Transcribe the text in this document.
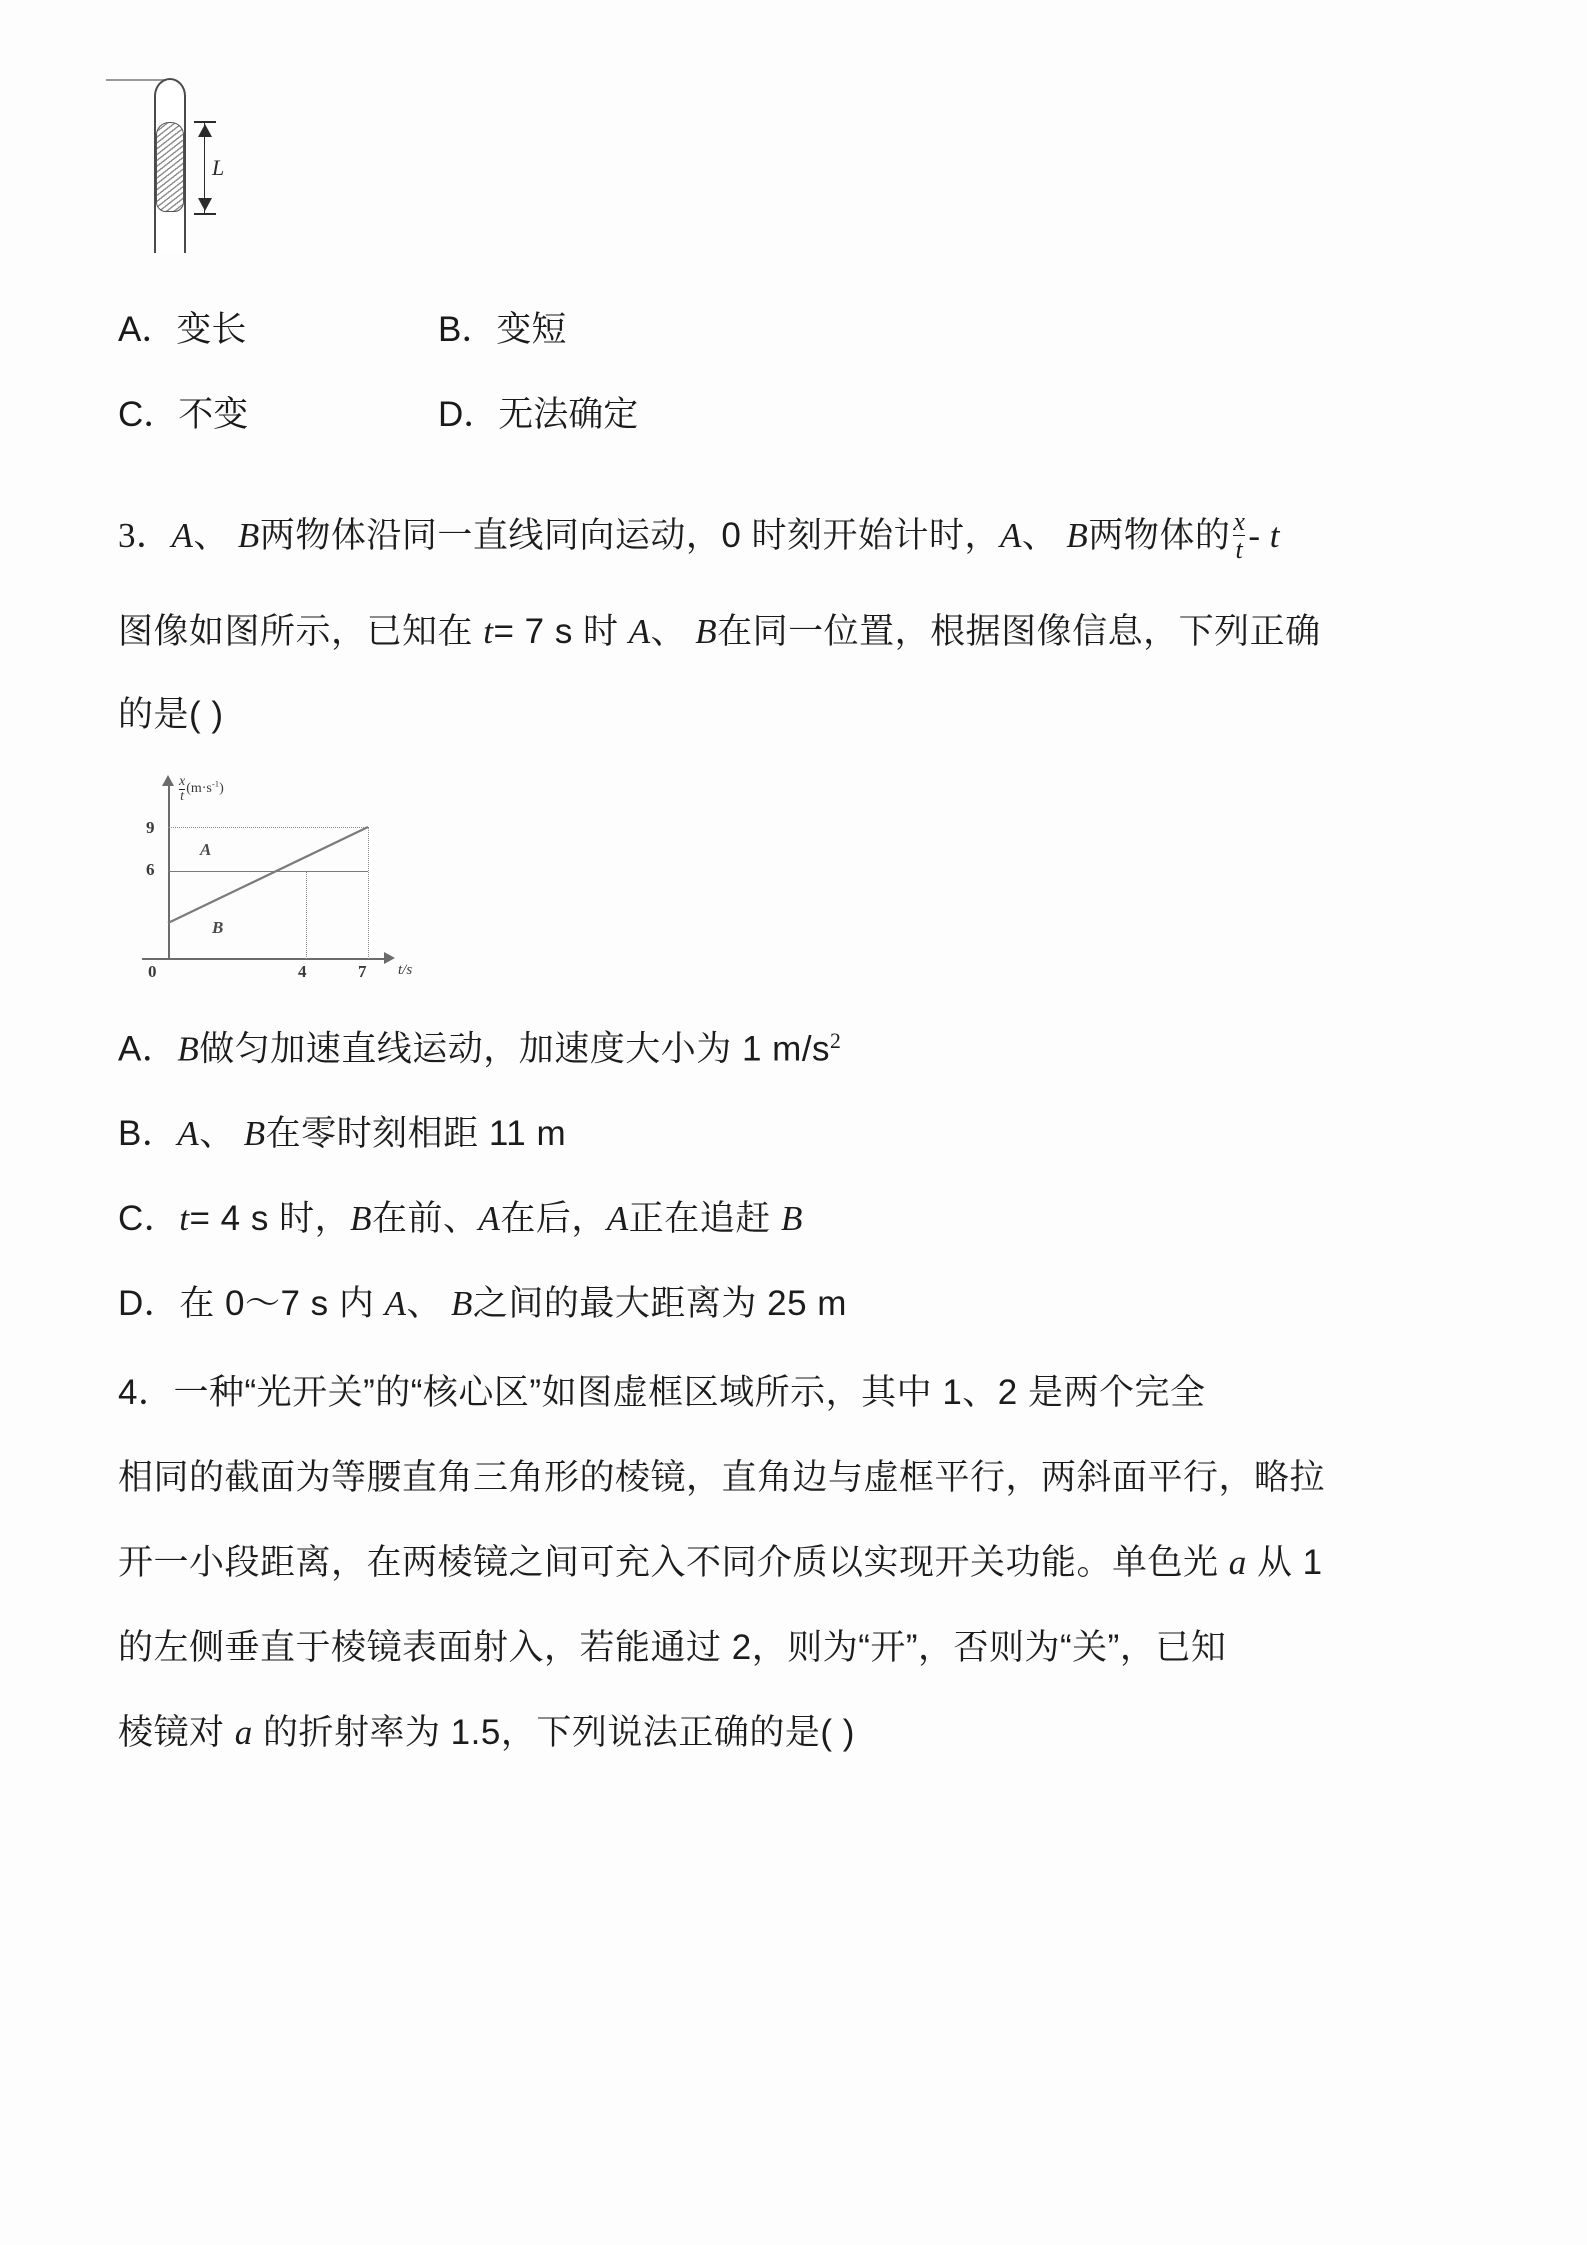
L
A．变长	B．变短
C．不变	D．无法确定
3．A、 B两物体沿同一直线同向运动，0 时刻开始计时，A、 B两物体的 $\frac{x}{t}$ - t
图像如图所示，已知在 t= 7 s 时 A、 B在同一位置，根据图像信息，下列正确
的是( )
$\frac{x}{t} (m\cdot s^{-1})$
9
6
0	4	7 t/s
A
B
A．B做匀加速直线运动，加速度大小为 1 $m/s^2$
B．A、 B在零时刻相距 11 m
C．t= 4 s 时，B在前、A在后，A正在追赶 B
D．在 0～7 s 内 A、 B之间的最大距离为 25 m
4．一种“光开关”的“核心区”如图虚框区域所示，其中 1、2 是两个完全
相同的截面为等腰直角三角形的棱镜，直角边与虚框平行，两斜面平行，略拉
开一小段距离，在两棱镜之间可充入不同介质以实现开关功能。单色光 a 从 1
的左侧垂直于棱镜表面射入，若能通过 2，则为“开”，否则为“关”，已知
棱镜对 a 的折射率为 1.5，下列说法正确的是( )
